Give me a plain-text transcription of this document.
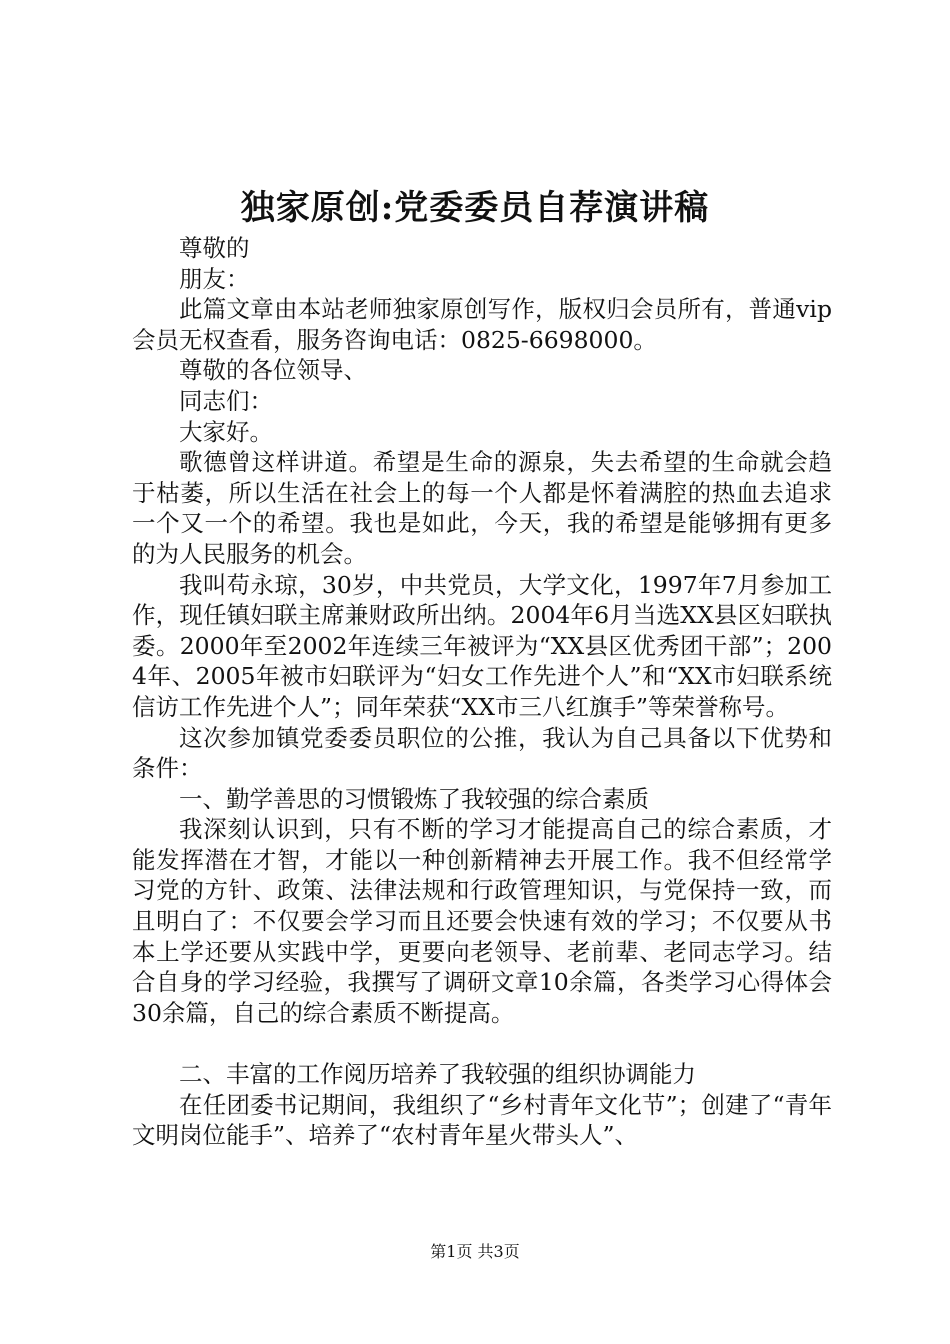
独家原创:党委委员自荐演讲稿

尊敬的

朋友：

此篇文章由本站老师独家原创写作，版权归会员所有，普通vip会员无权查看，服务咨询电话：0825-6698000。

尊敬的各位领导、

同志们：

大家好。

歌德曾这样讲道。希望是生命的源泉，失去希望的生命就会趋于枯萎，所以生活在社会上的每一个人都是怀着满腔的热血去追求一个又一个的希望。我也是如此，今天，我的希望是能够拥有更多的为人民服务的机会。

我叫苟永琼，30岁，中共党员，大学文化，1997年7月参加工作，现任镇妇联主席兼财政所出纳。2004年6月当选XX县区妇联执委。2000年至2002年连续三年被评为“XX县区优秀团干部”；2004年、2005年被市妇联评为“妇女工作先进个人”和“XX市妇联系统信访工作先进个人”；同年荣获“XX市三八红旗手”等荣誉称号。

这次参加镇党委委员职位的公推，我认为自己具备以下优势和条件：

一、勤学善思的习惯锻炼了我较强的综合素质

我深刻认识到，只有不断的学习才能提高自己的综合素质，才能发挥潜在才智，才能以一种创新精神去开展工作。我不但经常学习党的方针、政策、法律法规和行政管理知识，与党保持一致，而且明白了：不仅要会学习而且还要会快速有效的学习；不仅要从书本上学还要从实践中学，更要向老领导、老前辈、老同志学习。结合自身的学习经验，我撰写了调研文章10余篇，各类学习心得体会30余篇，自己的综合素质不断提高。

二、丰富的工作阅历培养了我较强的组织协调能力

在任团委书记期间，我组织了“乡村青年文化节”；创建了“青年文明岗位能手”、培养了“农村青年星火带头人”、

第1页 共3页
